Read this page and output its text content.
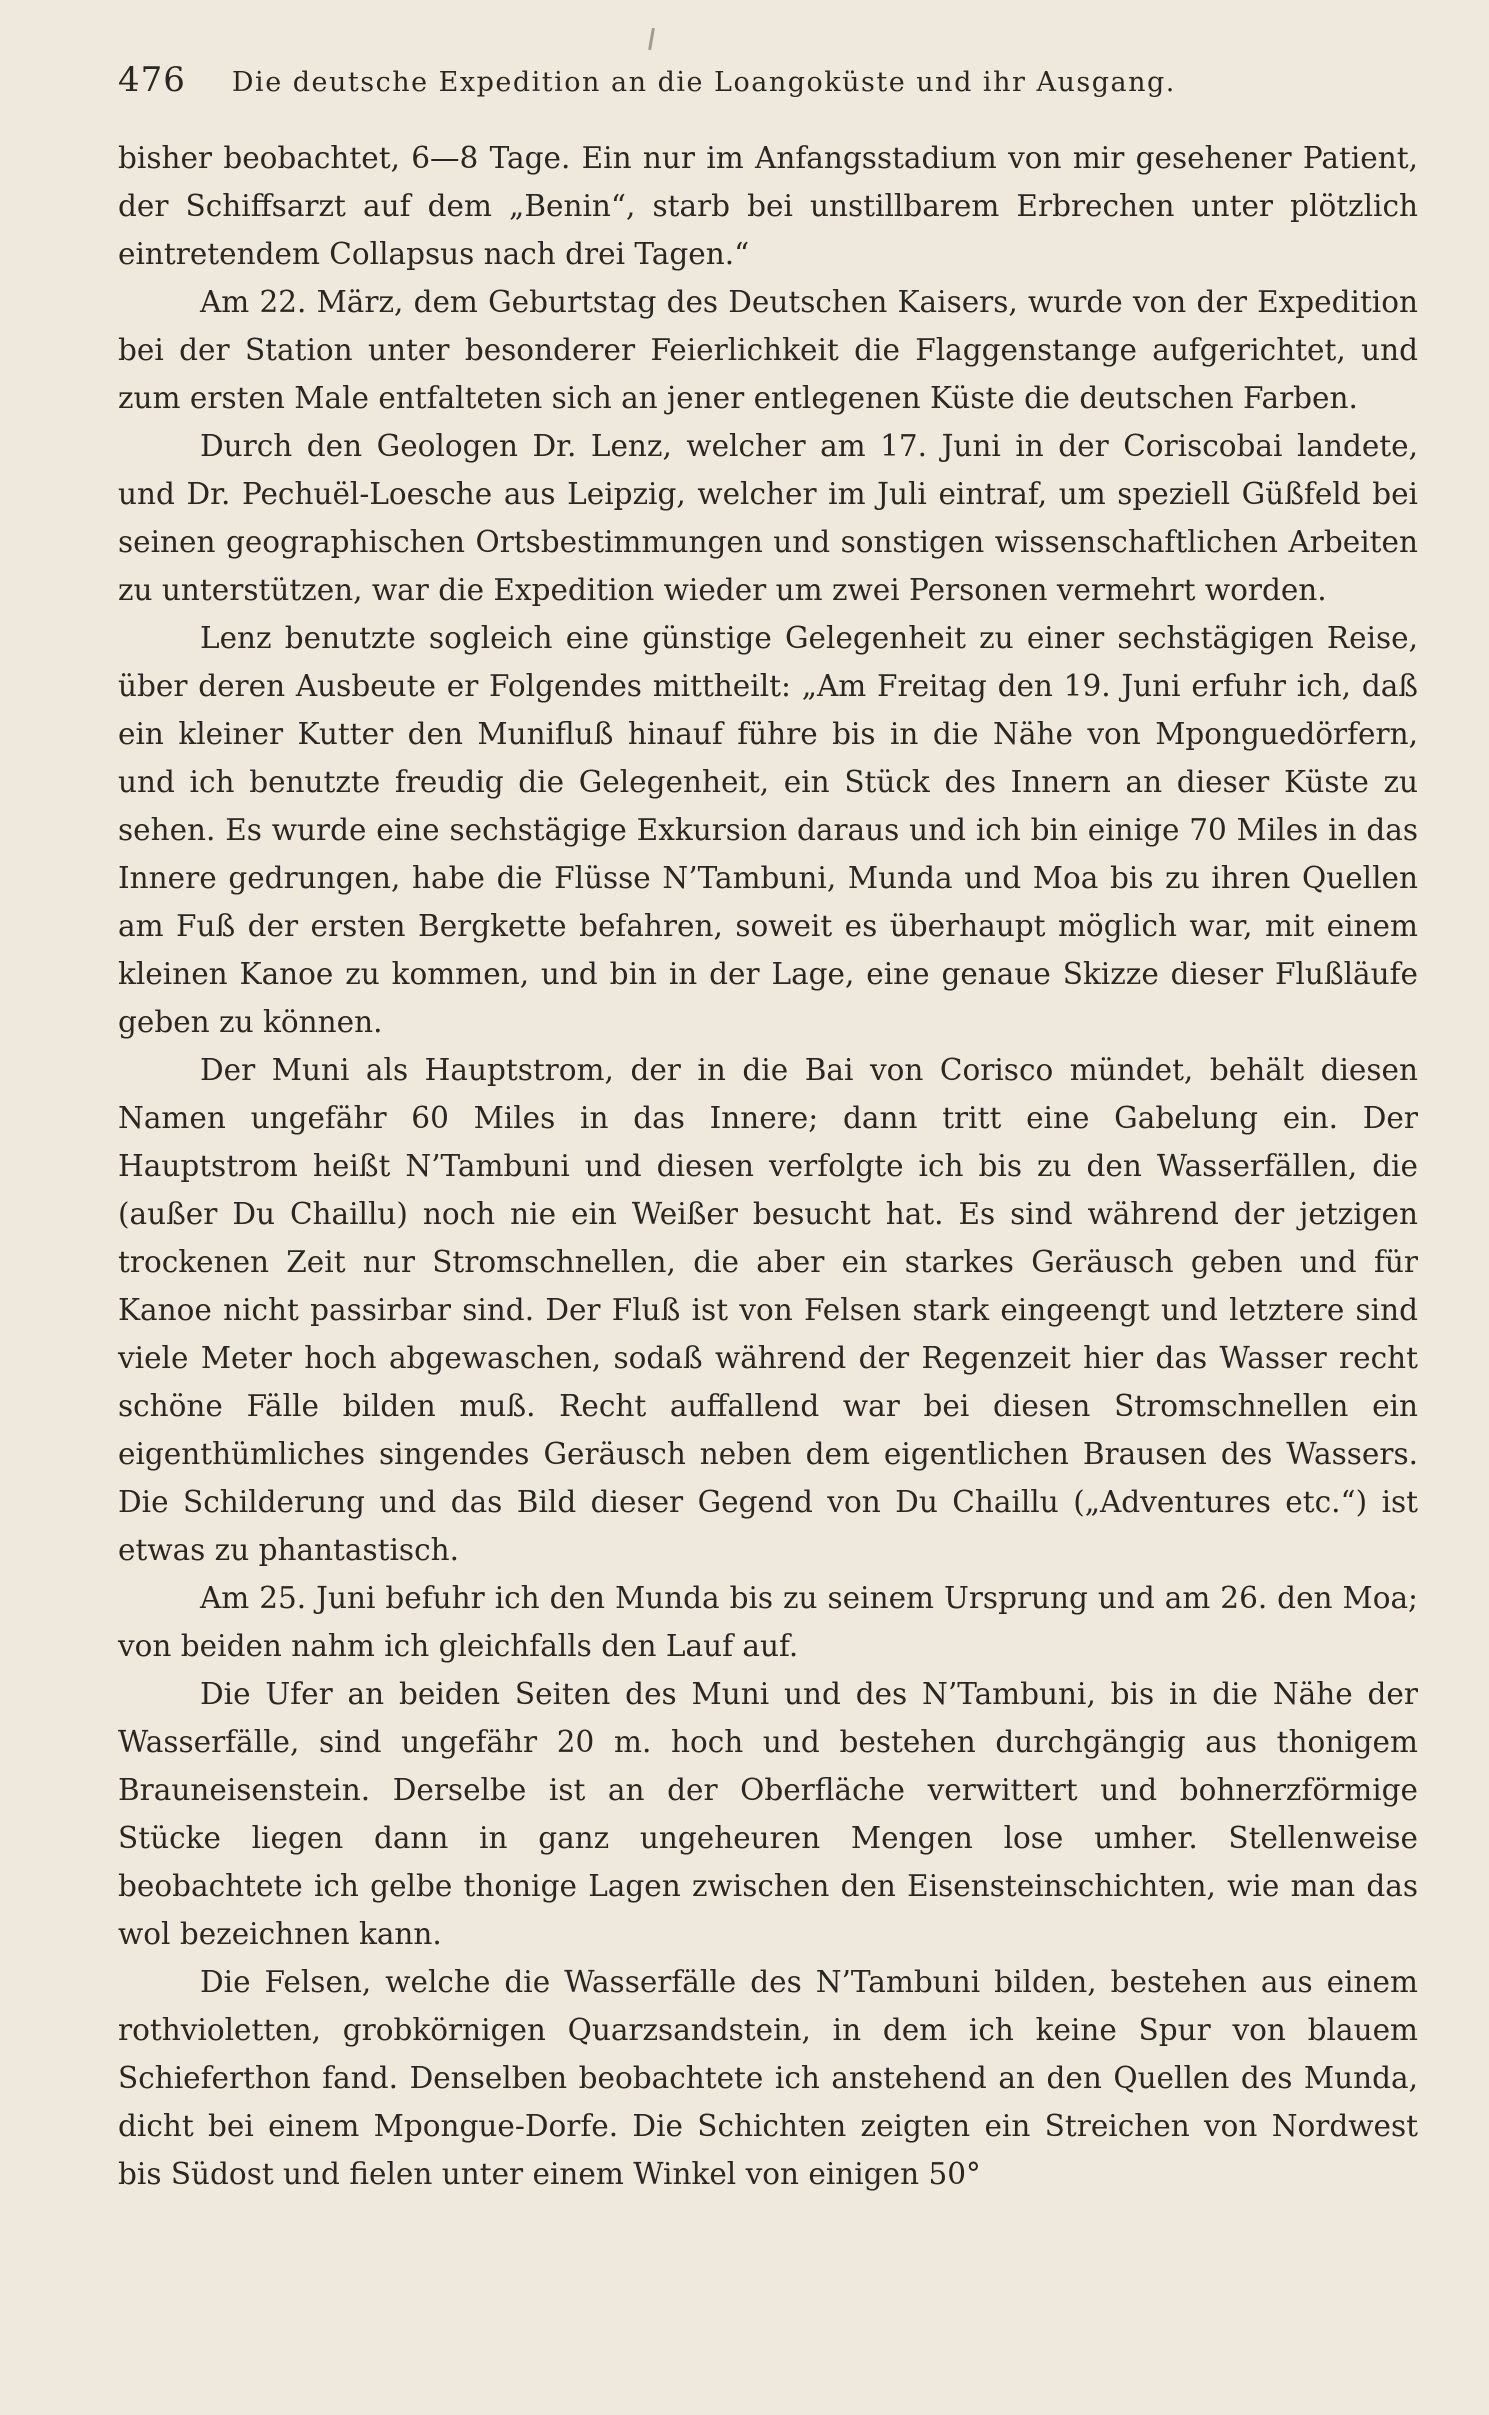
476 Die deutsche Expedition an die Loangoküste und ihr Ausgang.

bisher beobachtet, 6—8 Tage. Ein nur im Anfangsstadium von mir gesehener Patient, der Schiffsarzt auf dem „Benin“, starb bei unstillbarem Erbrechen unter plötzlich eintretendem Collapsus nach drei Tagen.“

Am 22. März, dem Geburtstag des Deutschen Kaisers, wurde von der Expedition bei der Station unter besonderer Feierlichkeit die Flaggenstange aufgerichtet, und zum ersten Male entfalteten sich an jener entlegenen Küste die deutschen Farben.

Durch den Geologen Dr. Lenz, welcher am 17. Juni in der Coriscobai landete, und Dr. Pechuël-Loesche aus Leipzig, welcher im Juli eintraf, um speziell Güßfeld bei seinen geographischen Ortsbestimmungen und sonstigen wissenschaftlichen Arbeiten zu unterstützen, war die Expedition wieder um zwei Personen vermehrt worden.

Lenz benutzte sogleich eine günstige Gelegenheit zu einer sechstägigen Reise, über deren Ausbeute er Folgendes mittheilt: „Am Freitag den 19. Juni erfuhr ich, daß ein kleiner Kutter den Munifluß hinauf führe bis in die Nähe von Mponguedörfern, und ich benutzte freudig die Gelegenheit, ein Stück des Innern an dieser Küste zu sehen. Es wurde eine sechstägige Exkursion daraus und ich bin einige 70 Miles in das Innere gedrungen, habe die Flüsse N’Tambuni, Munda und Moa bis zu ihren Quellen am Fuß der ersten Bergkette befahren, soweit es überhaupt möglich war, mit einem kleinen Kanoe zu kommen, und bin in der Lage, eine genaue Skizze dieser Flußläufe geben zu können.

Der Muni als Hauptstrom, der in die Bai von Corisco mündet, behält diesen Namen ungefähr 60 Miles in das Innere; dann tritt eine Gabelung ein. Der Hauptstrom heißt N’Tambuni und diesen verfolgte ich bis zu den Wasserfällen, die (außer Du Chaillu) noch nie ein Weißer besucht hat. Es sind während der jetzigen trockenen Zeit nur Stromschnellen, die aber ein starkes Geräusch geben und für Kanoe nicht passirbar sind. Der Fluß ist von Felsen stark eingeengt und letztere sind viele Meter hoch abgewaschen, sodaß während der Regenzeit hier das Wasser recht schöne Fälle bilden muß. Recht auffallend war bei diesen Stromschnellen ein eigenthümliches singendes Geräusch neben dem eigentlichen Brausen des Wassers. Die Schilderung und das Bild dieser Gegend von Du Chaillu („Adventures etc.“) ist etwas zu phantastisch.

Am 25. Juni befuhr ich den Munda bis zu seinem Ursprung und am 26. den Moa; von beiden nahm ich gleichfalls den Lauf auf.

Die Ufer an beiden Seiten des Muni und des N’Tambuni, bis in die Nähe der Wasserfälle, sind ungefähr 20 m. hoch und bestehen durchgängig aus thonigem Brauneisenstein. Derselbe ist an der Oberfläche verwittert und bohnerzförmige Stücke liegen dann in ganz ungeheuren Mengen lose umher. Stellenweise beobachtete ich gelbe thonige Lagen zwischen den Eisensteinschichten, wie man das wol bezeichnen kann.

Die Felsen, welche die Wasserfälle des N’Tambuni bilden, bestehen aus einem rothvioletten, grobkörnigen Quarzsandstein, in dem ich keine Spur von blauem Schieferthon fand. Denselben beobachtete ich anstehend an den Quellen des Munda, dicht bei einem Mpongue-Dorfe. Die Schichten zeigten ein Streichen von Nordwest bis Südost und fielen unter einem Winkel von einigen 50°
